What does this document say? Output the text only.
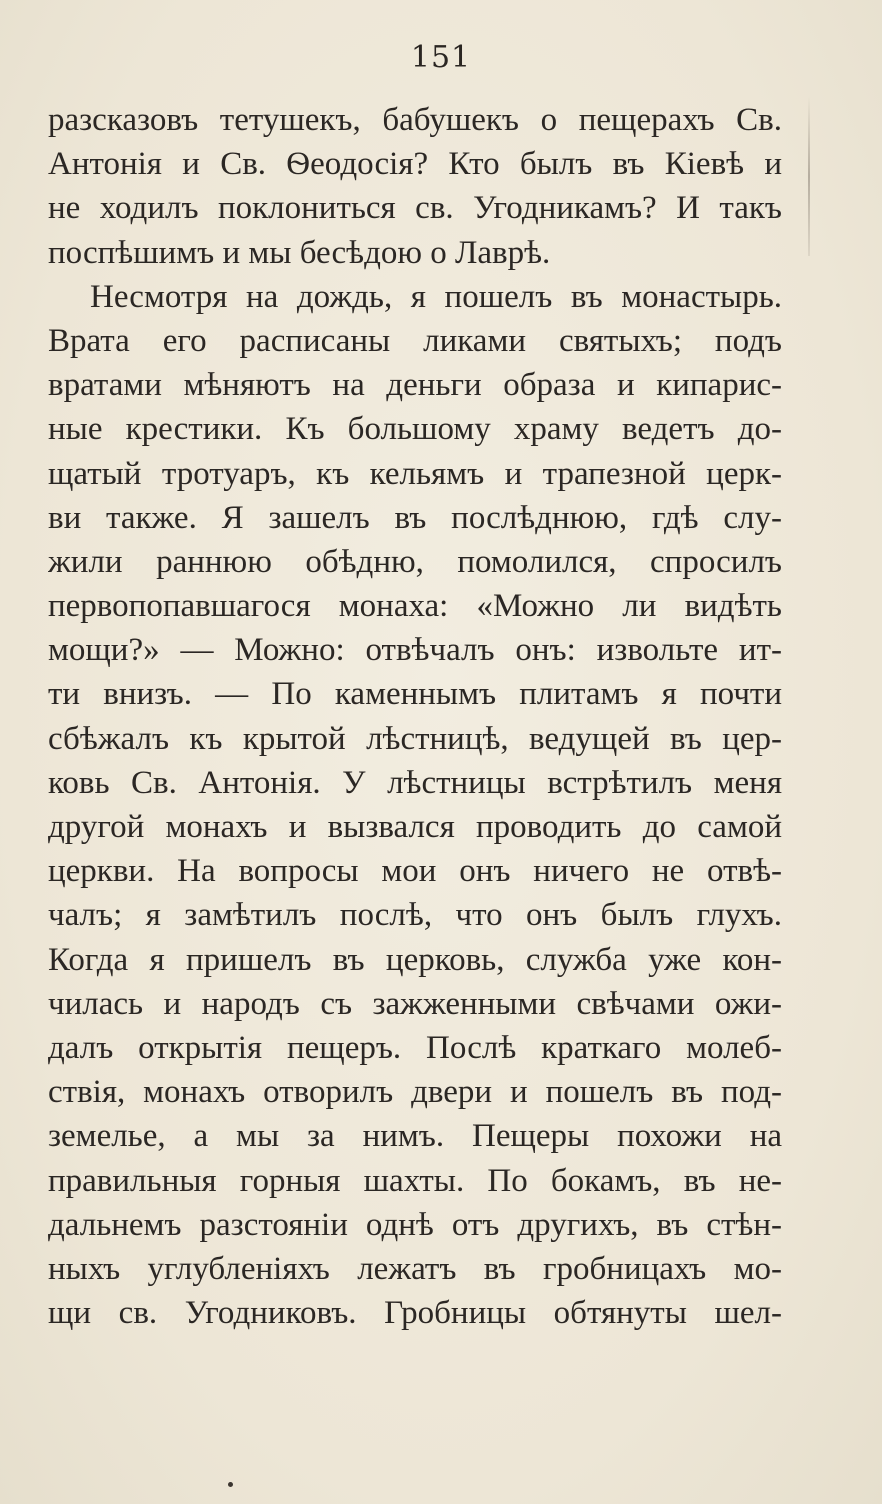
151
разсказовъ тетушекъ, бабушекъ о пещерахъ Св.
Антонія и Св. Ѳеодосія? Кто былъ въ Кіевѣ и
не ходилъ поклониться св. Угодникамъ? И такъ
поспѣшимъ и мы бесѣдою о Лаврѣ.
Несмотря на дождь, я пошелъ въ монастырь.
Врата его расписаны ликами святыхъ; подъ
вратами мѣняютъ на деньги образа и кипарис-
ные крестики. Къ большому храму ведетъ до-
щатый тротуаръ, къ кельямъ и трапезной церк-
ви также. Я зашелъ въ послѣднюю, гдѣ слу-
жили раннюю обѣдню, помолился, спросилъ
первопопавшагося монаха: «Можно ли видѣть
мощи?» — Можно: отвѣчалъ онъ: извольте ит-
ти внизъ. — По каменнымъ плитамъ я почти
сбѣжалъ къ крытой лѣстницѣ, ведущей въ цер-
ковь Св. Антонія. У лѣстницы встрѣтилъ меня
другой монахъ и вызвался проводить до самой
церкви. На вопросы мои онъ ничего не отвѣ-
чалъ; я замѣтилъ послѣ, что онъ былъ глухъ.
Когда я пришелъ въ церковь, служба уже кон-
чилась и народъ съ зажженными свѣчами ожи-
далъ открытія пещеръ. Послѣ краткаго молеб-
ствія, монахъ отворилъ двери и пошелъ въ под-
земелье, а мы за нимъ. Пещеры похожи на
правильныя горныя шахты. По бокамъ, въ не-
дальнемъ разстояніи однѣ отъ другихъ, въ стѣн-
ныхъ углубленіяхъ лежатъ въ гробницахъ мо-
щи св. Угодниковъ. Гробницы обтянуты шел-
